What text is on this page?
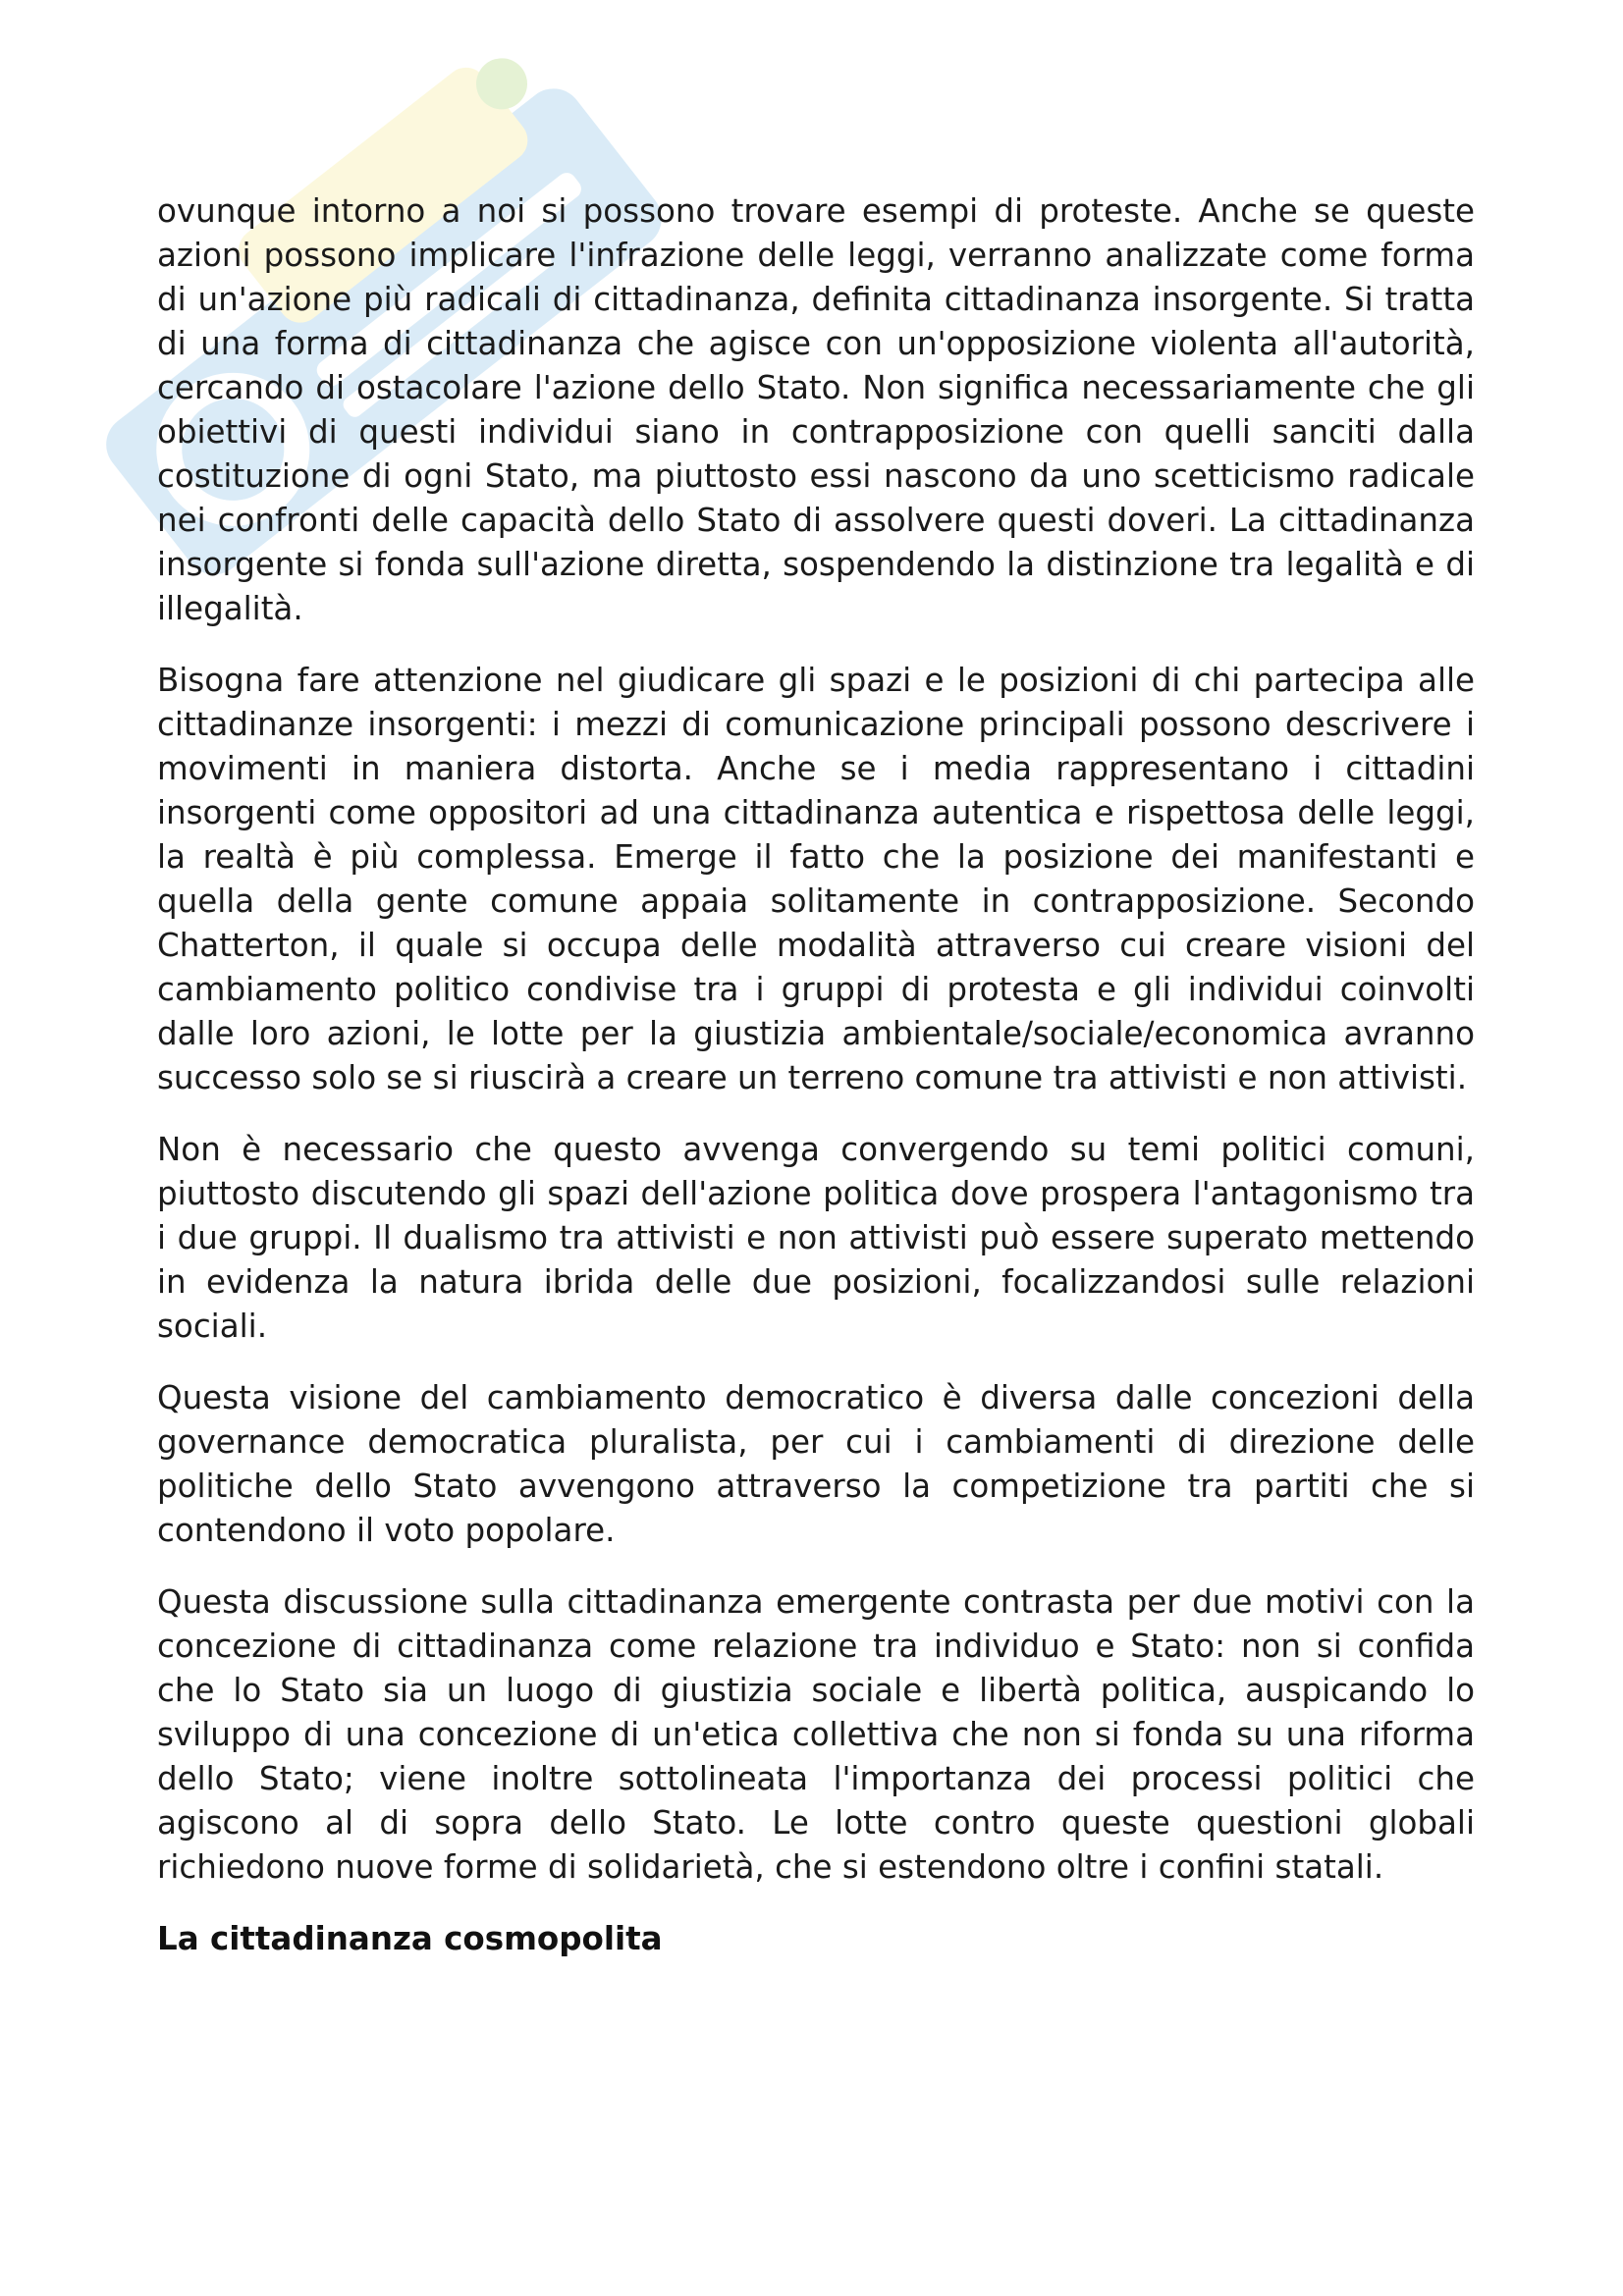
ovunque intorno a noi si possono trovare esempi di proteste. Anche se queste azioni possono implicare l'infrazione delle leggi, verranno analizzate come forma di un'azione più radicali di cittadinanza, definita cittadinanza insorgente. Si tratta di una forma di cittadinanza che agisce con un'opposizione violenta all'autorità, cercando di ostacolare l'azione dello Stato. Non significa necessariamente che gli obiettivi di questi individui siano in contrapposizione con quelli sanciti dalla costituzione di ogni Stato, ma piuttosto essi nascono da uno scetticismo radicale nei confronti delle capacità dello Stato di assolvere questi doveri. La cittadinanza insorgente si fonda sull'azione diretta, sospendendo la distinzione tra legalità e di illegalità.

Bisogna fare attenzione nel giudicare gli spazi e le posizioni di chi partecipa alle cittadinanze insorgenti: i mezzi di comunicazione principali possono descrivere i movimenti in maniera distorta. Anche se i media rappresentano i cittadini insorgenti come oppositori ad una cittadinanza autentica e rispettosa delle leggi, la realtà è più complessa. Emerge il fatto che la posizione dei manifestanti e quella della gente comune appaia solitamente in contrapposizione. Secondo Chatterton, il quale si occupa delle modalità attraverso cui creare visioni del cambiamento politico condivise tra i gruppi di protesta e gli individui coinvolti dalle loro azioni, le lotte per la giustizia ambientale/sociale/economica avranno successo solo se si riuscirà a creare un terreno comune tra attivisti e non attivisti.

Non è necessario che questo avvenga convergendo su temi politici comuni, piuttosto discutendo gli spazi dell'azione politica dove prospera l'antagonismo tra i due gruppi. Il dualismo tra attivisti e non attivisti può essere superato mettendo in evidenza la natura ibrida delle due posizioni, focalizzandosi sulle relazioni sociali.

Questa visione del cambiamento democratico è diversa dalle concezioni della governance democratica pluralista, per cui i cambiamenti di direzione delle politiche dello Stato avvengono attraverso la competizione tra partiti che si contendono il voto popolare.

Questa discussione sulla cittadinanza emergente contrasta per due motivi con la concezione di cittadinanza come relazione tra individuo e Stato: non si confida che lo Stato sia un luogo di giustizia sociale e libertà politica, auspicando lo sviluppo di una concezione di un'etica collettiva che non si fonda su una riforma dello Stato; viene inoltre sottolineata l'importanza dei processi politici che agiscono al di sopra dello Stato. Le lotte contro queste questioni globali richiedono nuove forme di solidarietà, che si estendono oltre i confini statali.

La cittadinanza cosmopolita
